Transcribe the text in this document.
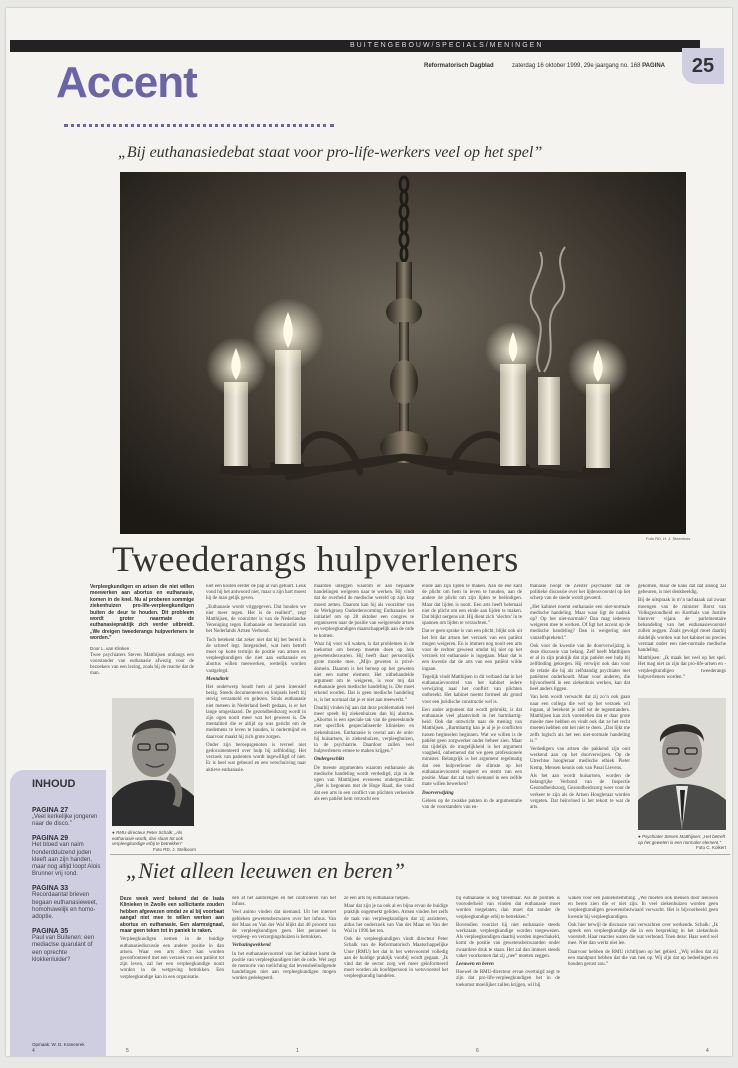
BUITENGEBOUW/SPECIALS/MENINGEN
Accent	Reformatorisch Dagblad	zaterdag 16 oktober 1999, 29e jaargang no. 168 PAGINA	25
„Bij euthanasiedebat staat voor pro-life-werkers veel op het spel”
Foto RD, H. J. Steenhuis
Tweederangs hulpverleners

Verpleegkundigen en artsen die niet willen meewerken aan abortus en euthanasie, komen in de knel. Nu al proberen sommige ziekenhuizen pro-life-verpleegkundigen buiten de deur te houden. Dit probleem wordt groter naarmate de euthanasiepraktijk zich verder uitbreidt. „We dreigen tweederangs hulpverleners te worden.”

Door L. van Klinken

Twee psychiaters Steven Matthijsen ontlangs een voorstander van euthanasie afwezig voor de bezoekers van een lezing, zoals bij de reactie dat de man.

● RMU-directeur Peter Schalk: „Als euthanasie wordt, dan slaan tot ook verpleegkundige erbij te betrekken”
Foto RD, J. Stelkoorn

niet een kosten eerder de pap al van getuurt. Leuk vond hij het antwoord niet, maar u zijn hart moest hij de man gelijk geven.

„Euthanasie wordt vriggegeven. Dat houden we niet meer tegen. Het is de realiteit”, zegt Matthijsen, de voorzitter is van de Nederlandse Vereniging tegen Euthanasie en bestuurslid van het Nederlands Artsen Verbond.

Toch betekent dat zeker niet dat hij het bereid is de schreef legt. Integendeel, wat hem betreft moet op korte termijn de positie van artsen en verpleegkundigen die niet aan euthanasie en abortus willen meewerken, wettelijk worden vastgelegd.

Mentaliteit

Het onderwerp houdt hem al jaren intensief bezig. Steeds documenteren en knipsels heeft hij stevig verzameld en gelezen. Sinds euthanasie niet meteen in Nederland heeft gedaan, is er het lange omgeslaand. De gezondheidszorg wordt in zijn ogen nooit meer wat het geweest is. De mentaliteit die er altijd op was gericht om de medemens te leven te houden, is ondermijnd en daarvoor maakt hij zich grote zorgen.

Onder zijn beroepsgenoten is tevreel niet gedocumenteerd over hulp bij zelfdoding. Het verzoek van patienten wordt ingewilligd of niet. Er is heel wat gebeurd en een verschuiving naar aktieve euthanasie.

maarden uiteggen waarom er aan bepaalde handelingen weigeren naar te werken. Hij vindt dat de overheid de medische wereld op zijn kop moest zetten. Daarom kan hij als voorzitter van de Werkgroep Ouderdenvorming Euthanasie het initiatief om op 28 oktober een congres te organiseren naar de positie van weigerende artsen en verpleegkundigen maatschappelijk aan de orde te komen.

Waar hij voor wil waken, is dat problemen in de toekomst om beroep moeten doen op hun gewetensbezwaren. Hij heeft daar persoonlijk grote moeite mee. „Mijn geweten is privé-domein. Daarom is het beroep op het geweten niet een nutter element. Het uitbehandelde argument om te weigeren, is voor mij dat euthanasie geen medische handeling is. Die moet erkend worden. Dat is geen medische handeling is, is het normaal dat je er niet aan meewerkt.”

Daarbij vinden hij aan dat deze problematiek veel meer speelt bij ziekenhuizen dan bij abortus. „Abortus is een speciale tak van de geneeskunde met specifiek gespecialiseerde klinieken en ziekenhuizen. Euthanasie is overal aan de orde: bij huisartsen, in ziekenhuizen, verpleeghuizen, in de psychiatrie. Daardoor zullen veel hulpverleners ermee te maken krijgen.”

Ondergeschikt

De meeste argumenten waarom euthanasie als medische handeling wordt verdedigd, zijn in de ogen van Matthijsen eveneens ondergeschikt. „Het is begonnen met de Hoge Raad, die vond dat een arts in een conflict van plichten verkeerde als een patiënt hem verzocht een

einde aan zijn lijden te maken. Aan de ene kant de plicht om hem in leven te houden, aan de andere de plicht om zijn lijden te beëindigen. Maar dat lijden is nooit. Een arts heeft helemaal niet de plicht om een einde aan lijden te maken. Dat blijkt nergens uit. Hij dient zich ‘slechts’ in te spannen om lijden te verzachten.”

Dat er geen sprake is van een plicht, blijkt ook uit het feit dat artsen het verzoek van een patiënt mogen weigeren. En is immers nog nooit een arts voor de rechter geweest omdat hij niet op het verzoek tot euthanasie is ingegaan. Maar dat is een kwestie dat de arts van een patiënt wilde ingaan.

Tegelijk vindt Matthijsen in dit verband dat in het euthanasievoorstel van het kabinet iedere verwijzing naar het conflict van plichten ontbreekt. Het kabinet noemt formeel als grond voor een juridische constructie wel is.

Een ander argument dat wordt gebruikt, is dat euthanasie veel plaatsvindt in het barmhartig-heid. Ook dat ontwricht naar de mening van Matthijsen. „Barmhartig kan je al je je conflicten tussen beginselen beginnen. Wat we willen is de patiënt geen zorgwerker onder beheer zien. Maar dat tijdelijk de mogelijkheid is het argument vaagheid, onbemensd dat we geen professionele minister. Belangrijk is het argument regelmatig dat een hulpverlener de slimste op het euthanasievoorstel reageert en stemt van een positie. Maar dat zal toch niemand in een zelfde mate willen bewerken?

Doorverwijzing

Geleen op de zwakke pakten in de argumentatie van de voorstanders van eu-

thanasie hoopt de Zeister psychiater dat de politieke discussie over het lijdensvoorstel op het scherp van de snede wordt gevoerd.

„Het kabinet noemt euthanasie een niet-normale medische handeling. Maar waar ligt de nadruk op? Op het niet-normale? Dan mag iedereen weigeren mee te werken. Of ligt het accent op de medische handeling? Dan is weigering niet vanzelfsprekend.”

Ook voor de kwestie van de doorverwijzing is deze discussie van belang. Zelf heeft Matthijsen er al in zijn praktijk dat zijn patiënt een hulp bij zelfdoding gekregen. Hij verwijst ook dan voor de relatie die hij als zelfstandig psychiater met patiënten onderhoudt. Maar voor anderen, die bijvoorbeeld in een ziekenhuis werken, kan dat heel anders liggen.

Van hem wordt verwacht dat zij zo’n ook gaan naar een collega die wel op het verzoek wil ingaan, al betekent je zelf tot de tegenstanders. Matthijsen kan zich voorstellen dat er daar grote moeite mee hebben en vindt ook dat ze het recht moeten hebben om het niet te doen. „Dat lijkt me zelfs logisch als het een niet-normale handeling is.”

Verdedigers van artsen die pakkend zijn ooit werkend aan op het doorverwijzen. Op de Utrechtse hoogleraar medische ethiek Pieter Kemp, Mensen kennis ook van Pasal Lievens.

Als het aan wordt huisartsen, worden de belangrijke Verbond van de Inspectie Gezondheidszorg, Gezondheidszorg weer voor de verkeer te zijn als de Artsen Hoogleraar worden vergeten. Dat beïnvloed is het tekort te wat de arts.

gekomen, maar de kans dat dat alsnog zal gebeuren, is niet denkbeeldig.

Bij de uitspraak in m’n tachtaaak zal zwaar moengen van de minister Borst van Volksgezondheid en Korthals van Justitie hierover vijans de parlementaire behandeling van het euthanasievoorstel zullen zeggen. Zoals gevolgd moet daarbij duidelijk worden wat het kabinet nu precies verstaat onder een niet-normale medische handeling.

Matthijsen: „Ik maak het veel op het spel. Het mag niet zo zijn dat pro-life-artsen en -verpleegkundigen tweederangs hulpverleners worden.”

● Psychiater Steven Matthijsen: „Het betreft op het geweten is een normaler element.”
Foto C. Kolkert
INHOUD
PAGINA 27
„Veel kerkelijke jongeren naar de disco.”
PAGINA 29
Het bloed van naim honderdduizend joden kleeft aan zijn handen, maar nog altijd loopt Alois Brunner vrij rond.
PAGINA 33
Recordaantal brieven begaan euthanasieweet, homohuwelijk en homo-adoptie.
PAGINA 35
Paul van Buitenen: een mediaclse quarulant of een oprechte klokkenluider?
Opmaak: W. D. Kranenrek
„Niet alleen leeuwen en beren”

Deze week werd bekend dat de Isala Klinieken in Zwolle een sollicitante zouden hebben afgewezen omdat ze al bij voorbaat aangaf niet mee te willen werken aan abortus en euthanasie. Een alarmsignaal, maar geen teken tot in paniek te raken.

Verpleegkundigen nemen in de huidige euthanasiediscussie een andere positie in dan artsen. Waar een arts direct kan worden geconfronteerd met een verzoek van een patiënt tot zijn leven, zal het een verpleegkundige nooit worden in de wetgeving betrokken. Een verpleegkundige kan in een organisatie.

den af het aanbrengen en het controleren van het infuus.

Veel animo vinden dat niemand. Uit het internet gebleken gewetensbezwaren over het infuus. Van der Maas en Van der Wal blijkt dat 40 procent van de verpleegkundigen geen. Het personeel in verpleeg- en verzorgingshuizen is betrokken.

Verbazingwekkend

In het euthanasievoorstel van het kabinet komt de positie van verpleegkundigen niet de orde. Wel zegt de memorie van toelichting dat levensbeëindigende handelingen niet aan verpleegkundigen mogen worden gedelegeerd.

ze een arts bij euthanasie helpen.

Maar dat zijn je na ook al en bijna ervan de huidige praktijk ongemerkt geliden. Artsen vinden het zelfs de taak van verpleegkundigen dat zij assisteren, aldus het onderzoek van Van der Maas en Van der Wal in 1996 het ten.

Ook de verpleegkundigen vindt directeur Peter Schalk van de Reformatorisch Maatschappelijke Unie (RMU) het dat in het wetsvoorstel volledig aan de huidige praktijk voorbij wordt gegaan. „Ik vind dat de sector zorg wel meer geïnformeerd moet worden als hoofdpersoon in wetsvoorstel het verpleegkundig handelen.

bij euthanasie is nog breedbaar. Als de politiek is vooroderheid van vinden dat euthanasie moet worden toegelaten, dan moet dat zonder de verpleegkundige erbij te betrekken.”

Bovendien voorziet hij niet euthanasie steeds werkzaam verpleegkundige worden toegewezen. Als verpleegkundigen daarbij worden ingeschakeld, komt de positie van gewetensbezwaarden onder zwaardere druk te staan. Het zal dan immers steeds vaker voorkomen dat zij „nee” moeten zeggen.

Leeuwen en beren

Hoewel de RMU-directeur ervan overtuigd zegt te zijn dat pro-life-verpleegkundigen het in de toekomst moeilijker zullen krijgen, wil hij

waken voor een paniekstemming. „We moeten ook mensen door leeuwen en beren zien die er niet zijn. In veel ziekenhuizen worden geen verpleegkundigen gewetensbezwaard verwacht. Het is bijvoorbeeld geen kwestie bij verpleegkundigen.

Ook hier terwijl de discussie van verwachten over werkende. Schalk: „Ik spreek een verpleegkundige die in een bespreking in het ziekenhuis voorstelt. Haar reacties waren die wat verloond. Toen deze: Haar werd wel mee. Niet dan werkt niet lee.

Daarvoor hebben de RMU richtlijnen op het gebied. „Wij willen dat zij een standpunt hebben dat die van hen op. Wij zijn dat op bedeelingen en houden gerust zou.”

4	5	1	6	4
